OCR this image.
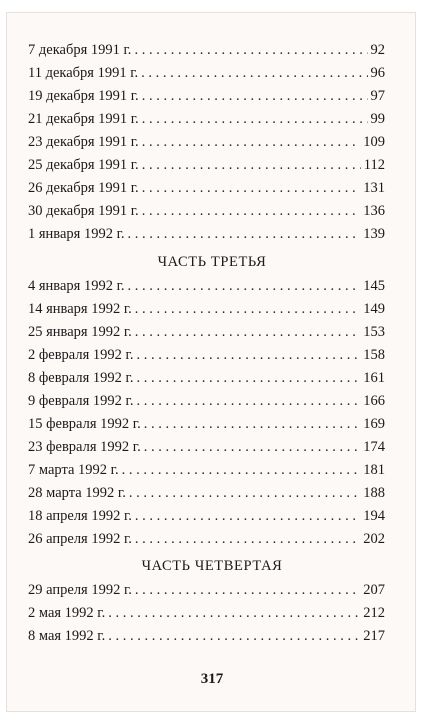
7 декабря 1991 г. . . .	92
11 декабря 1991 г. . . .	96
19 декабря 1991 г. . . .	97
21 декабря 1991 г. . . .	99
23 декабря 1991 г. . . .	109
25 декабря 1991 г. . . .	112
26 декабря 1991 г. . . .	131
30 декабря 1991 г. . . .	136
1 января 1992 г. . . .	139
ЧАСТЬ ТРЕТЬЯ
4 января 1992 г. . . .	145
14 января 1992 г. . . .	149
25 января 1992 г. . . .	153
2 февраля 1992 г. . . .	158
8 февраля 1992 г. . . .	161
9 февраля 1992 г. . . .	166
15 февраля 1992 г. . . .	169
23 февраля 1992 г. . . .	174
7 марта 1992 г. . . .	181
28 марта 1992 г. . . .	188
18 апреля 1992 г. . . .	194
26 апреля 1992 г. . . .	202
ЧАСТЬ ЧЕТВЕРТАЯ
29 апреля 1992 г. . . .	207
2 мая 1992 г. . . .	212
8 мая 1992 г. . . .	217
317
